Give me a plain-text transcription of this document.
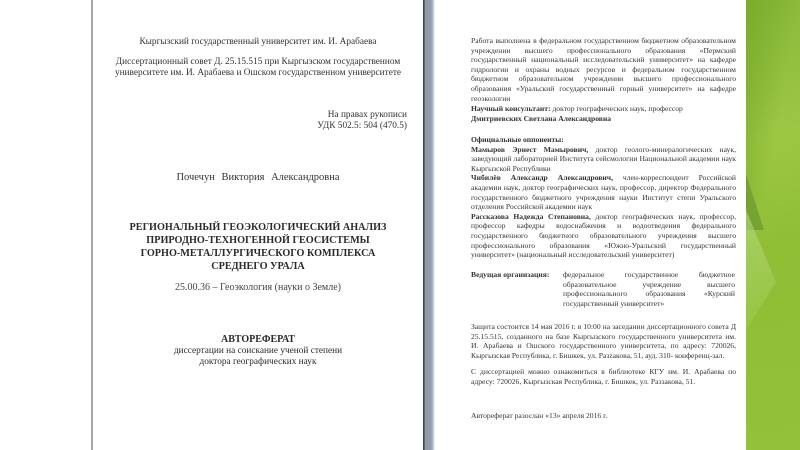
Кыргызский государственный университет им. И. Арабаева
Диссертационный совет Д. 25.15.515 при Кыргызском государственном
университете им. И. Арабаева и Ошском государственном университете
На правах рукописи
УДК 502.5: 504 (470.5)
Почечун Виктория Александровна
РЕГИОНАЛЬНЫЙ ГЕОЭКОЛОГИЧЕСКИЙ АНАЛИЗ
ПРИРОДНО-ТЕХНОГЕННОЙ ГЕОСИСТЕМЫ
ГОРНО-МЕТАЛЛУРГИЧЕСКОГО КОМПЛЕКСА
СРЕДНЕГО УРАЛА
25.00.36 – Геоэкология (науки о Земле)
АВТОРЕФЕРАТ
диссертации на соискание ученой степени
доктора географических наук
Работа выполнена в федеральном государственном бюджетном образовательном учреждении высшего профессионального образования «Пермский государственный национальный исследовательский университет» на кафедре гидрологии и охраны водных ресурсов и федеральном государственном бюджетном образовательном учреждении высшего профессионального образования «Уральский государственный горный университет» на кафедре геоэкологии
Научный консультант: доктор географических наук, профессор
Дмитриевских Светлана Александровна
Официальные оппоненты:
Мамыров Эрнест Мамырович, доктор геолого-минералогических наук, заведующий лабораторией Института сейсмологии Национальной академии наук Кыргызской Республики
Чибилёв Александр Александрович, член-корреспондент Российской академии наук, доктор географических наук, профессор, директор Федерального государственного бюджетного учреждения науки Институт степи Уральского отделения Российской академии наук
Рассказова Надежда Степановна, доктор географических наук, профессор, профессор кафедры водоснабжения и водоотведения федерального государственного бюджетного образовательного учреждения высшего профессионального образования «Южно-Уральский государственный университет» (национальный исследовательский университет)
Ведущая организация:	федеральное государственное бюджетное образовательное учреждение высшего профессионального образования «Курский государственный университет»
Защита состоится 14 мая 2016 г. в 10:00 на заседании диссертационного совета Д 25.15.515, созданного на базе Кыргызского государственного университета им. И. Арабаева и Ошского государственного университета, по адресу: 720026, Кыргызская Республика, г. Бишкек, ул. Разzакова, 51, ауд. 310- конференц-зал.
С диссертацией можно ознакомиться в библиотеке КГУ им. И. Арабаева по адресу: 720026, Кыргызская Республика, г. Бишкек, ул. Раззакова, 51.
Автореферат разослан «13» апреля 2016 г.
